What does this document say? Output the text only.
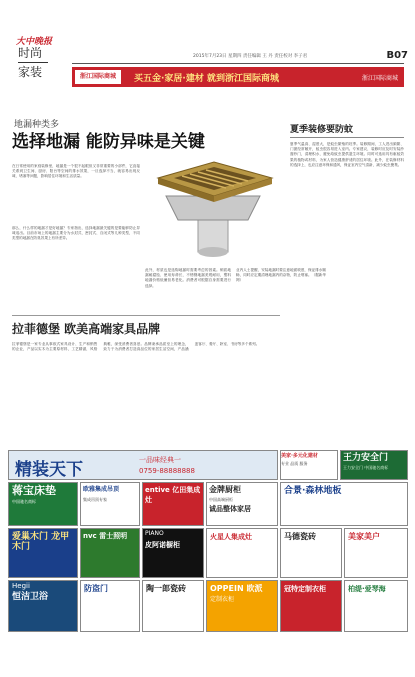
大中晚报
时尚
家装
2015年7月23日 星期四 责任编辑 王 丹 责任校对 李子君	B07
浙江国际商城	买五金·家居·建材 就到浙江国际商城	浙江国际商城
地漏种类多
选择地漏 能防异味是关键
在日常使用的家庭装修里，地漏是一个很不起眼但又非常重要的小部件，它直接关系到卫生间、厨房、阳台等空间的排水效果，一旦选择不当，就容易出现反味、堵塞等问题，影响居住环境和生活质量。
那么，什么样的地漏才是好地漏？专家指出，选择地漏最关键的是要能够防止异味返出。目前市场上的地漏主要分为水封式、密封式、自闭式等几种类型，不同类型的地漏在防臭效果上有所差异。
此外，材质也是选购地漏时需要考虑的因素。铜质地漏耐腐蚀、使用寿命长，不锈钢地漏美观耐用，塑料地漏价格低廉但易老化。消费者可根据自身需要进行选择。
业内人士提醒，安装地漏时要注意地面坡度，保证排水顺畅，同时应定期清理地漏内的杂物，防止堵塞。（据新华网）
夏季装修要防蚊
夏季气温高、湿度大，是蚊虫繁殖的旺季。装修期间，工人进出频繁、门窗经常敞开，蚊虫很容易进入室内。专家建议，装修时应及时安装纱窗纱门，清理积水，避免给蚊虫提供滋生环境。同时可选用具有驱蚊效果的植物或材料，为家人营造健康舒适的居住环境。此外，在装修材料的选择上，也应注意环保和通风，保证室内空气清新，减少蚊虫聚集。
拉菲德堡 欧美高端家具品牌
拉菲德堡是一家专业从事欧式家具设计、生产和销售的企业，产品以实木为主要原材料，工艺精湛，风格典雅，深受消费者喜爱。品牌秉承品质至上的理念，致力于为消费者打造高品位的家居生活空间，产品涵盖客厅、餐厅、卧室、书房等多个系列。
精装天下	一品味经典一
0759-88888888
美家·多元化建材
专业 品质 服务
王力安全门
王力安全门 中国驰名商标
蒋宝床垫
中国驰名商标
欧雅集成吊顶
集成吊顶专家
entive 亿田集成灶
金牌厨柜
中国高端厨柜
诚品整体家居
合景·森林地板
爱巢木门 龙甲木门
nvc 雷士照明	PIANO
皮阿诺橱柜
火星人集成灶	马德瓷砖	美家美户
Hegii
恒洁卫浴
防盗门	陶一郎瓷砖	OPPEIN 欧派
定制衣柜
冠特定制衣柜	柏缇·爱琴海
